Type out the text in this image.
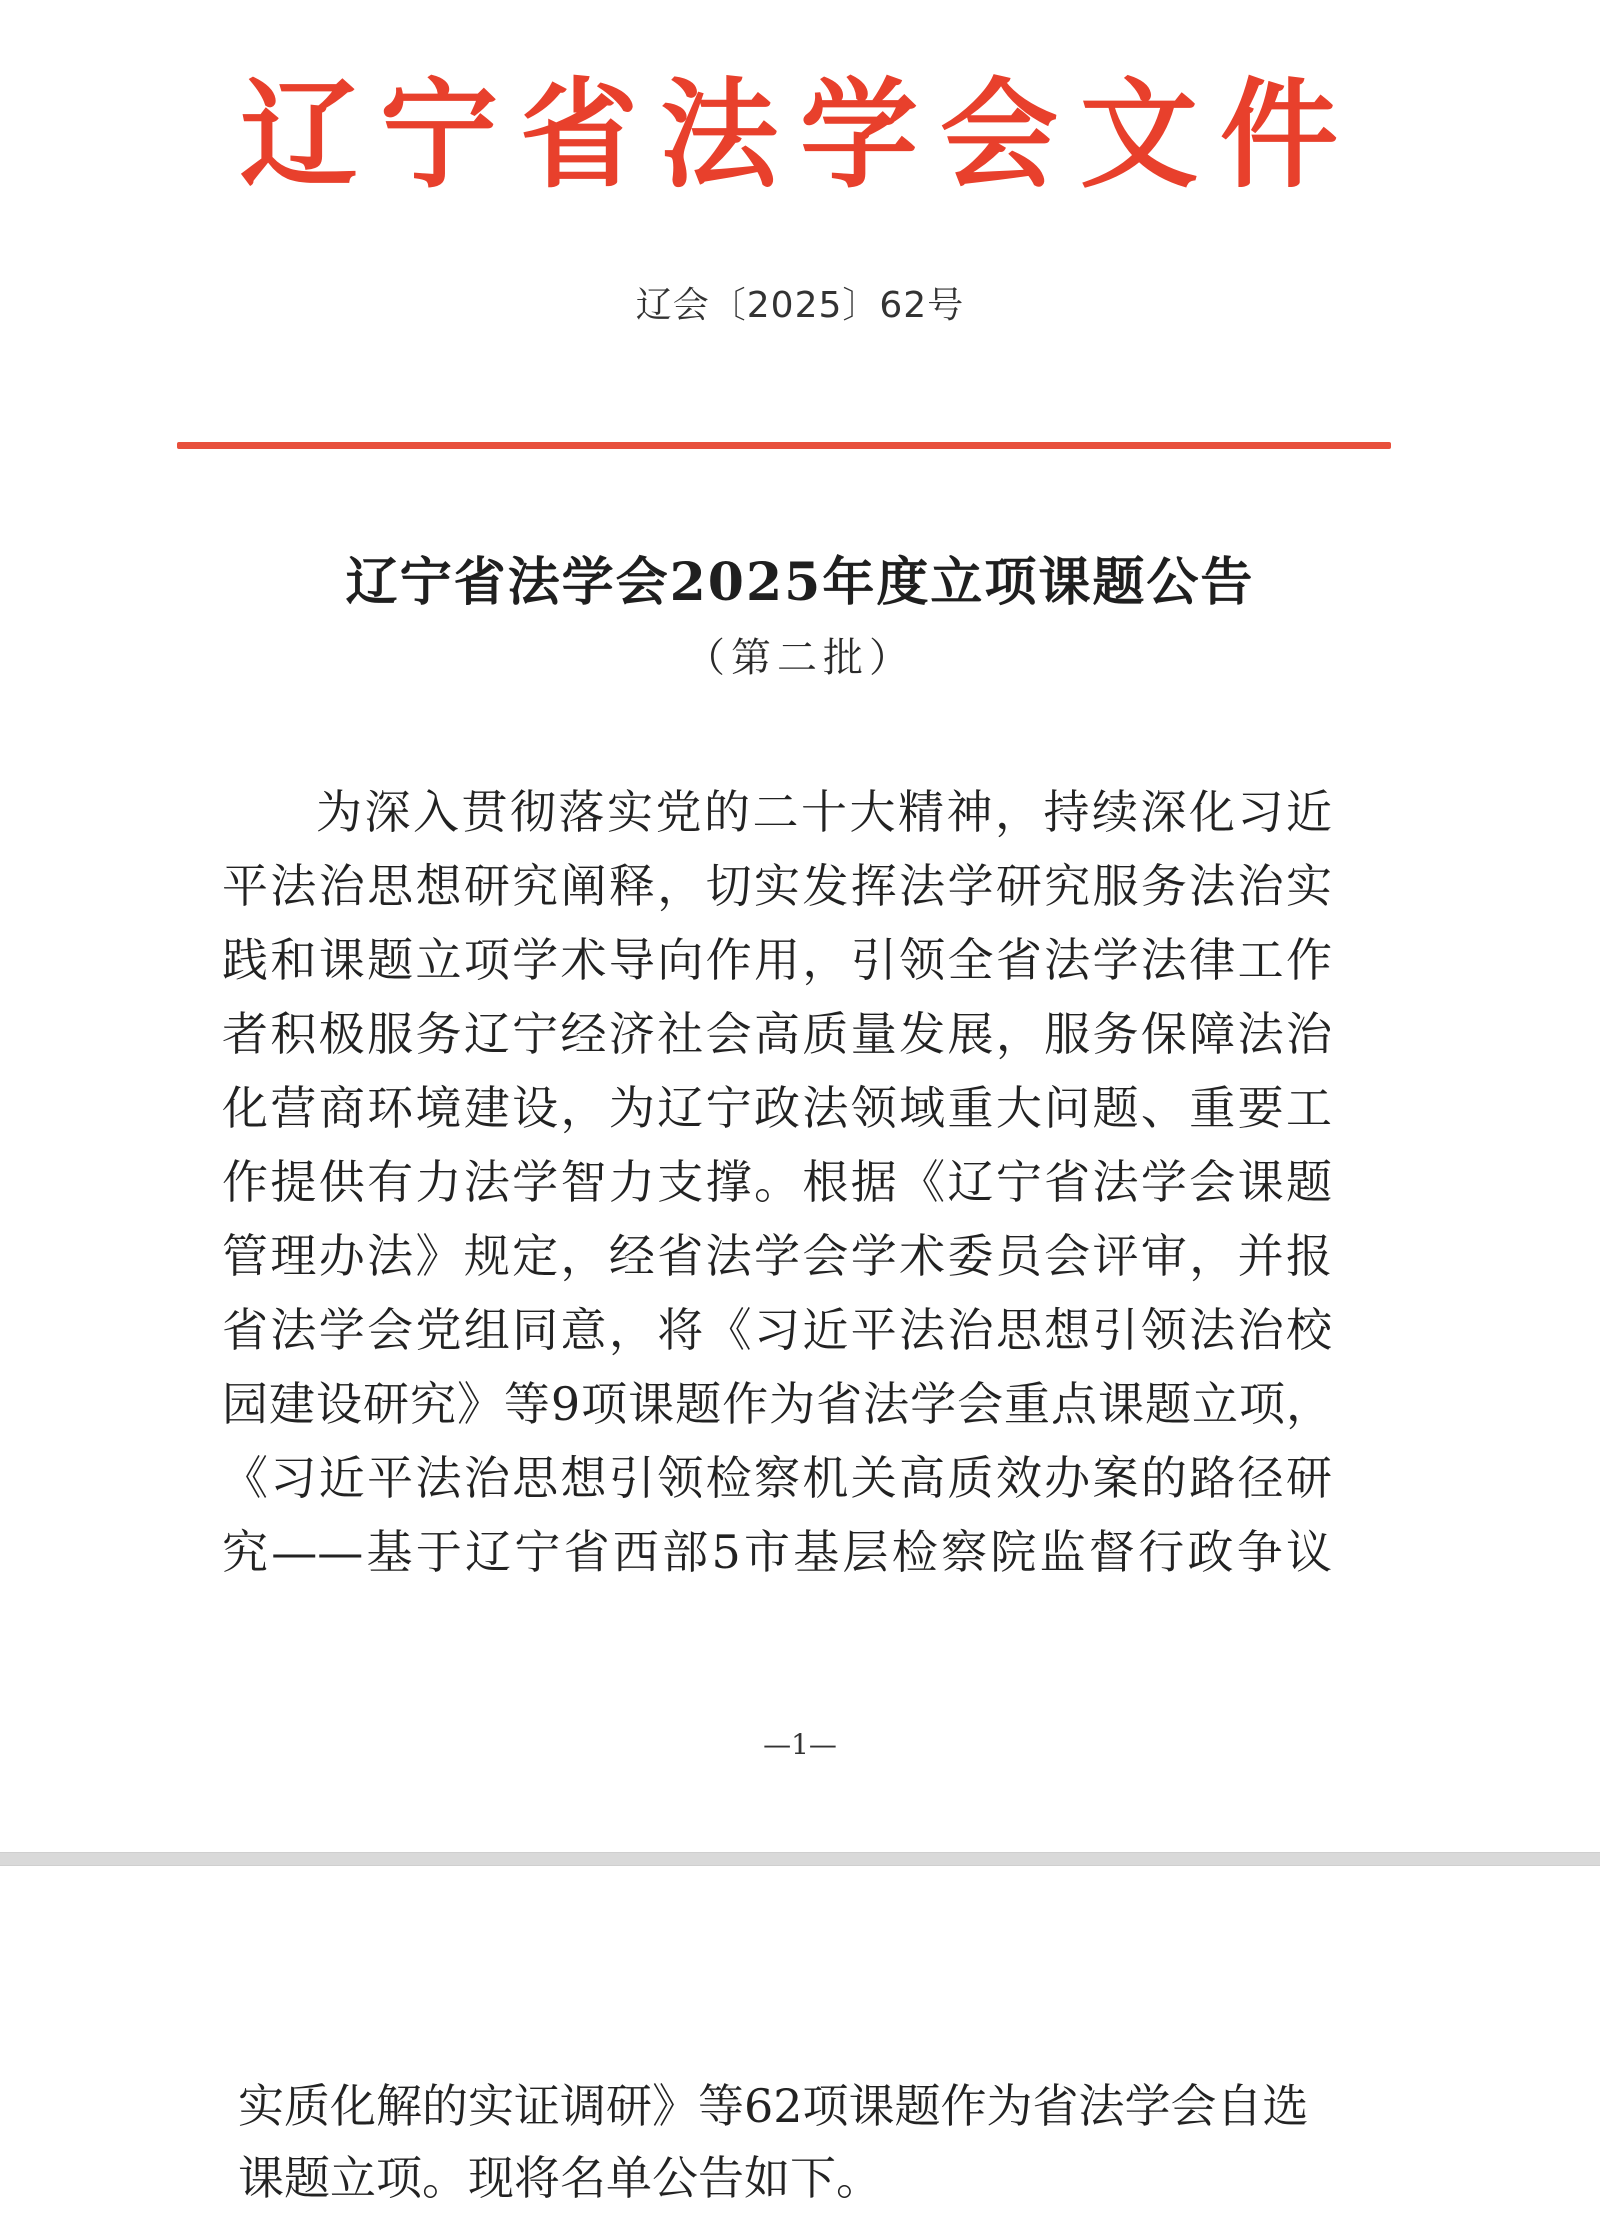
辽宁省法学会文件
辽会〔2025〕62号
辽宁省法学会2025年度立项课题公告
（第二批）
为深入贯彻落实党的二十大精神，持续深化习近
平法治思想研究阐释，切实发挥法学研究服务法治实
践和课题立项学术导向作用，引领全省法学法律工作
者积极服务辽宁经济社会高质量发展，服务保障法治
化营商环境建设，为辽宁政法领域重大问题、重要工
作提供有力法学智力支撑。根据《辽宁省法学会课题
管理办法》规定，经省法学会学术委员会评审，并报
省法学会党组同意，将《习近平法治思想引领法治校
园建设研究》等9项课题作为省法学会重点课题立项，
《习近平法治思想引领检察机关高质效办案的路径研
究——基于辽宁省西部5市基层检察院监督行政争议
—1—
实质化解的实证调研》等62项课题作为省法学会自选
课题立项。现将名单公告如下。
